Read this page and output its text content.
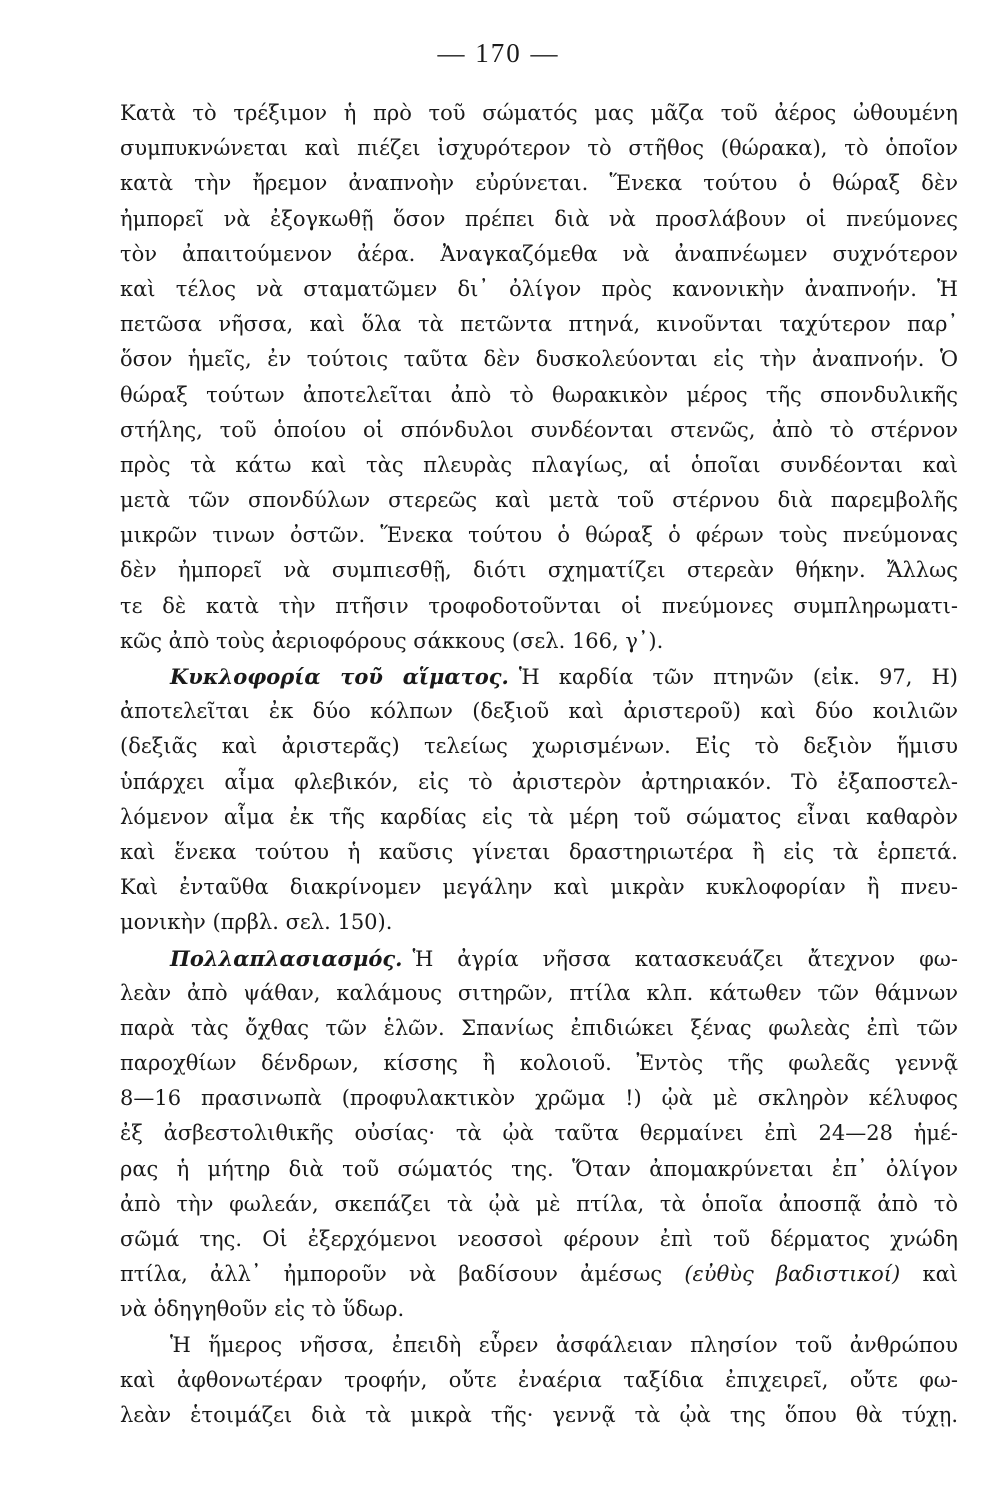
— 170 —
Κατὰ τὸ τρέξιμον ἡ πρὸ τοῦ σώματός μας μᾶζα τοῦ ἀέρος ὠθουμένη
συμπυκνώνεται καὶ πιέζει ἰσχυρότερον τὸ στῆθος (θώρακα), τὸ ὁποῖον
κατὰ τὴν ἤρεμον ἀναπνοὴν εὐρύνεται. Ἕνεκα τούτου ὁ θώραξ δὲν
ἠμπορεῖ νὰ ἐξογκωθῇ ὅσον πρέπει διὰ νὰ προσλάβουν οἱ πνεύμονες
τὸν ἀπαιτούμενον ἀέρα. Ἀναγκαζόμεθα νὰ ἀναπνέωμεν συχνότερον
καὶ τέλος νὰ σταματῶμεν δι᾽ ὀλίγον πρὸς κανονικὴν ἀναπνοήν. Ἡ
πετῶσα νῆσσα, καὶ ὅλα τὰ πετῶντα πτηνά, κινοῦνται ταχύτερον παρ᾽
ὅσον ἡμεῖς, ἐν τούτοις ταῦτα δὲν δυσκολεύονται εἰς τὴν ἀναπνοήν. Ὁ
θώραξ τούτων ἀποτελεῖται ἀπὸ τὸ θωρακικὸν μέρος τῆς σπονδυλικῆς
στήλης, τοῦ ὁποίου οἱ σπόνδυλοι συνδέονται στενῶς, ἀπὸ τὸ στέρνον
πρὸς τὰ κάτω καὶ τὰς πλευρὰς πλαγίως, αἱ ὁποῖαι συνδέονται καὶ
μετὰ τῶν σπονδύλων στερεῶς καὶ μετὰ τοῦ στέρνου διὰ παρεμβολῆς
μικρῶν τινων ὀστῶν. Ἕνεκα τούτου ὁ θώραξ ὁ φέρων τοὺς πνεύμονας
δὲν ἠμπορεῖ νὰ συμπιεσθῇ, διότι σχηματίζει στερεὰν θήκην. Ἄλλως
τε δὲ κατὰ τὴν πτῆσιν τροφοδοτοῦνται οἱ πνεύμονες συμπληρωματι-
κῶς ἀπὸ τοὺς ἀεριοφόρους σάκκους (σελ. 166, γ᾽).
Κυκλοφορία τοῦ αἵματος. Ἡ καρδία τῶν πτηνῶν (εἰκ. 97, Η)
ἀποτελεῖται ἐκ δύο κόλπων (δεξιοῦ καὶ ἀριστεροῦ) καὶ δύο κοιλιῶν
(δεξιᾶς καὶ ἀριστερᾶς) τελείως χωρισμένων. Εἰς τὸ δεξιὸν ἥμισυ
ὑπάρχει αἷμα φλεβικόν, εἰς τὸ ἀριστερὸν ἀρτηριακόν. Τὸ ἐξαποστελ-
λόμενον αἷμα ἐκ τῆς καρδίας εἰς τὰ μέρη τοῦ σώματος εἶναι καθαρὸν
καὶ ἕνεκα τούτου ἡ καῦσις γίνεται δραστηριωτέρα ἢ εἰς τὰ ἑρπετά.
Καὶ ἐνταῦθα διακρίνομεν μεγάλην καὶ μικρὰν κυκλοφορίαν ἢ πνευ-
μονικὴν (πρβλ. σελ. 150).
Πολλαπλασιασμός. Ἡ ἀγρία νῆσσα κατασκευάζει ἄτεχνον φω-
λεὰν ἀπὸ ψάθαν, καλάμους σιτηρῶν, πτίλα κλπ. κάτωθεν τῶν θάμνων
παρὰ τὰς ὄχθας τῶν ἑλῶν. Σπανίως ἐπιδιώκει ξένας φωλεὰς ἐπὶ τῶν
παροχθίων δένδρων, κίσσης ἢ κολοιοῦ. Ἐντὸς τῆς φωλεᾶς γεννᾷ
8—16 πρασινωπὰ (προφυλακτικὸν χρῶμα !) ᾠὰ μὲ σκληρὸν κέλυφος
ἐξ ἀσβεστολιθικῆς οὐσίας· τὰ ᾠὰ ταῦτα θερμαίνει ἐπὶ 24—28 ἡμέ-
ρας ἡ μήτηρ διὰ τοῦ σώματός της. Ὅταν ἀπομακρύνεται ἐπ᾽ ὀλίγον
ἀπὸ τὴν φωλεάν, σκεπάζει τὰ ᾠὰ μὲ πτίλα, τὰ ὁποῖα ἀποσπᾷ ἀπὸ τὸ
σῶμά της. Οἱ ἐξερχόμενοι νεοσσοὶ φέρουν ἐπὶ τοῦ δέρματος χνώδη
πτίλα, ἀλλ᾽ ἠμποροῦν νὰ βαδίσουν ἀμέσως (εὐθὺς βαδιστικοί) καὶ
νὰ ὁδηγηθοῦν εἰς τὸ ὕδωρ.
Ἡ ἥμερος νῆσσα, ἐπειδὴ εὗρεν ἀσφάλειαν πλησίον τοῦ ἀνθρώπου
καὶ ἀφθονωτέραν τροφήν, οὔτε ἐναέρια ταξίδια ἐπιχειρεῖ, οὔτε φω-
λεὰν ἑτοιμάζει διὰ τὰ μικρὰ τῆς· γεννᾷ τὰ ᾠὰ της ὅπου θὰ τύχῃ.
